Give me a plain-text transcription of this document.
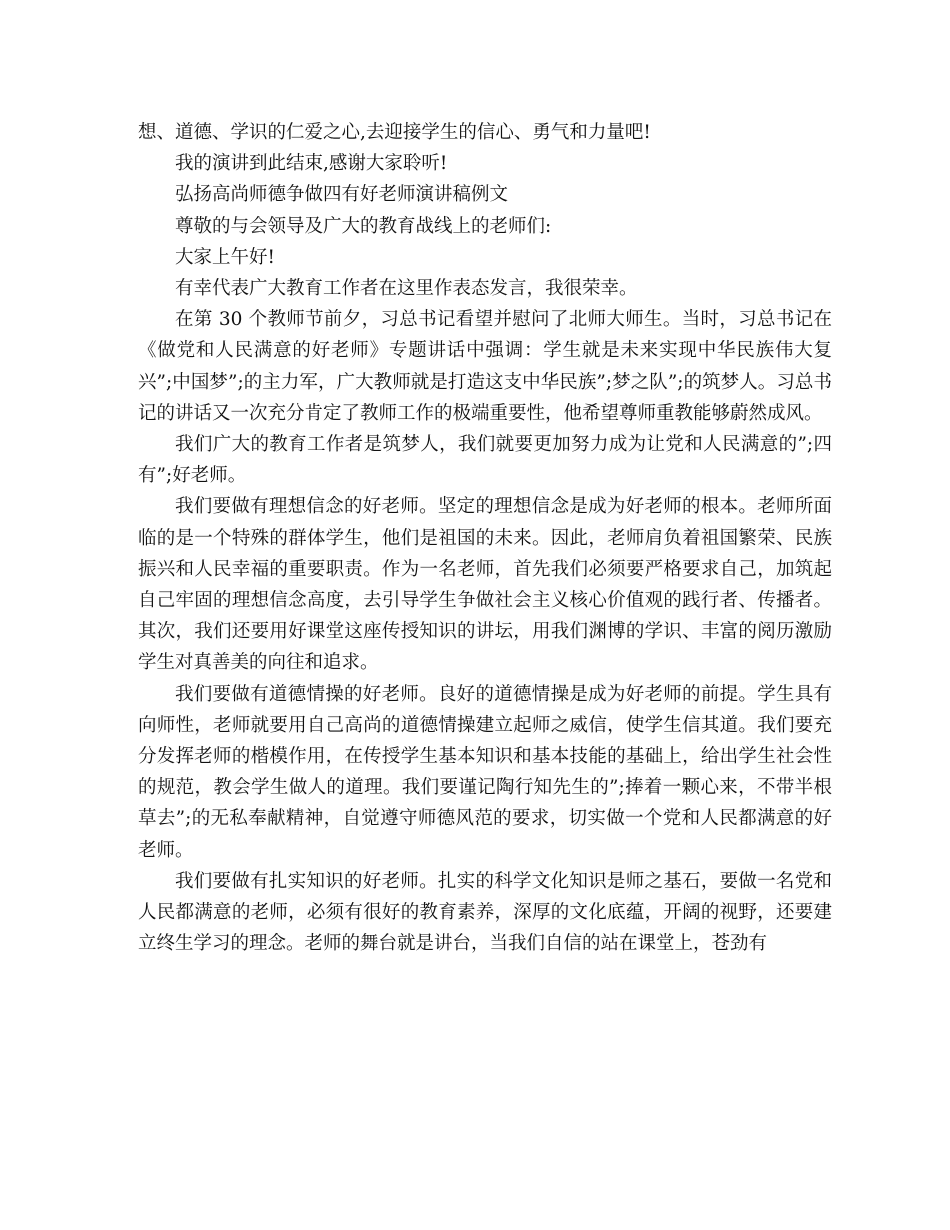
想、道德、学识的仁爱之心,去迎接学生的信心、勇气和力量吧!

我的演讲到此结束,感谢大家聆听!

弘扬高尚师德争做四有好老师演讲稿例文

尊敬的与会领导及广大的教育战线上的老师们:

大家上午好!

有幸代表广大教育工作者在这里作表态发言，我很荣幸。

在第 30 个教师节前夕，习总书记看望并慰问了北师大师生。当时，习总书记在《做党和人民满意的好老师》专题讲话中强调：学生就是未来实现中华民族伟大复兴”;中国梦”;的主力军，广大教师就是打造这支中华民族”;梦之队”;的筑梦人。习总书记的讲话又一次充分肯定了教师工作的极端重要性，他希望尊师重教能够蔚然成风。

我们广大的教育工作者是筑梦人，我们就要更加努力成为让党和人民满意的”;四有”;好老师。

我们要做有理想信念的好老师。坚定的理想信念是成为好老师的根本。老师所面临的是一个特殊的群体学生，他们是祖国的未来。因此，老师肩负着祖国繁荣、民族振兴和人民幸福的重要职责。作为一名老师，首先我们必须要严格要求自己，加筑起自己牢固的理想信念高度，去引导学生争做社会主义核心价值观的践行者、传播者。其次，我们还要用好课堂这座传授知识的讲坛，用我们渊博的学识、丰富的阅历激励学生对真善美的向往和追求。

我们要做有道德情操的好老师。良好的道德情操是成为好老师的前提。学生具有向师性，老师就要用自己高尚的道德情操建立起师之威信，使学生信其道。我们要充分发挥老师的楷模作用，在传授学生基本知识和基本技能的基础上，给出学生社会性的规范，教会学生做人的道理。我们要谨记陶行知先生的”;捧着一颗心来，不带半根草去”;的无私奉献精神，自觉遵守师德风范的要求，切实做一个党和人民都满意的好老师。

我们要做有扎实知识的好老师。扎实的科学文化知识是师之基石，要做一名党和人民都满意的老师，必须有很好的教育素养，深厚的文化底蕴，开阔的视野，还要建立终生学习的理念。老师的舞台就是讲台，当我们自信的站在课堂上，苍劲有
